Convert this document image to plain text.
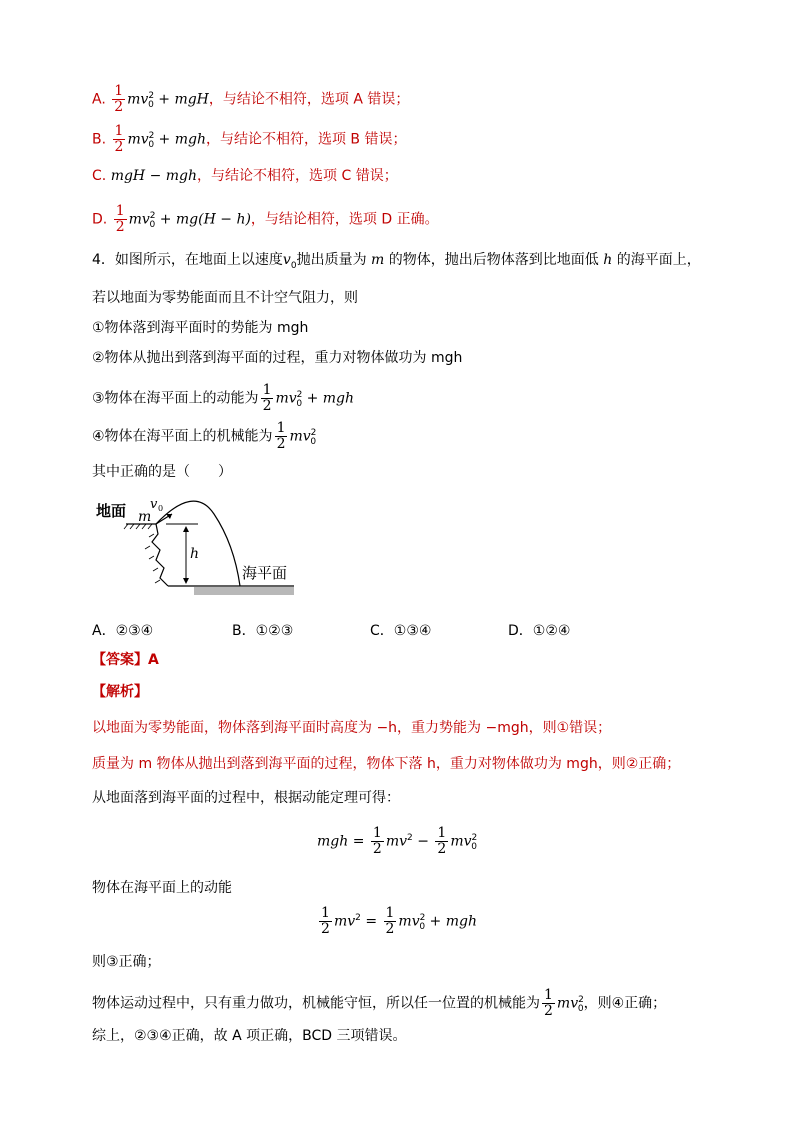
A. $\frac{1}{2} mv^2_0$ + mgH，与结论不相符，选项 A 错误；
B. $\frac{1}{2} mv^2_0$ + mgh，与结论不相符，选项 B 错误；
C. mgH − mgh，与结论不相符，选项 C 错误；
D. $\frac{1}{2} mv^2_0 + mg(H - h)$，与结论相符，选项 D 正确。
4．如图所示，在地面上以速度$v_0$抛出质量为 m 的物体，抛出后物体落到比地面低 h 的海平面上，
若以地面为零势能面而且不计空气阻力，则
①物体落到海平面时的势能为 mgh
②物体从抛出到落到海平面的过程，重力对物体做功为 mgh
③物体在海平面上的动能为 $\frac{1}{2} mv^2_0$ + mgh
④物体在海平面上的机械能为 $\frac{1}{2} mv^2_0$
其中正确的是（　　）
地面 m
v 0
h
海平面
A．②③④	B．①②③	C．①③④	D．①②④
【答案】A
【解析】
以地面为零势能面，物体落到海平面时高度为 −h，重力势能为 −mgh，则①错误；
质量为 m 物体从抛出到落到海平面的过程，物体下落 h，重力对物体做功为 mgh，则②正确；
从地面落到海平面的过程中，根据动能定理可得：
mgh = $\frac{1}{2} mv^2 - \frac{1}{2} mv^2_0$
物体在海平面上的动能
$\frac{1}{2} mv^2 = \frac{1}{2} mv^2_0$ + mgh
则③正确；
物体运动过程中，只有重力做功，机械能守恒，所以任一位置的机械能为 $\frac{1}{2} mv^2_0$，则④正确；
综上，②③④正确，故 A 项正确，BCD 三项错误。
